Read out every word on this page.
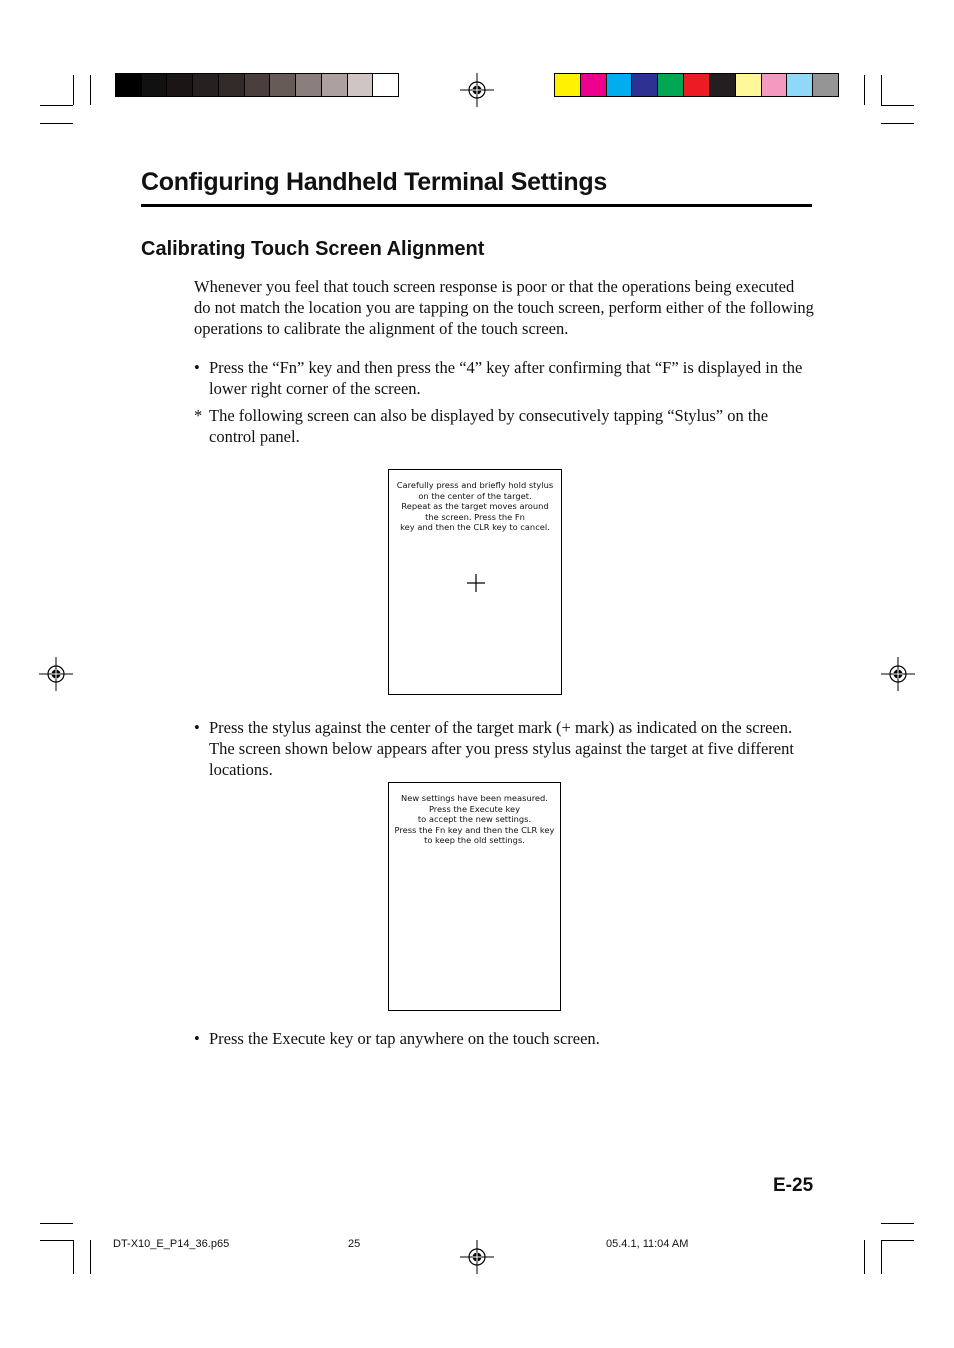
Configuring Handheld Terminal Settings
Calibrating Touch Screen Alignment
Whenever you feel that touch screen response is poor or that the operations being executed do not match the location you are tapping on the touch screen, perform either of the following operations to calibrate the alignment of the touch screen.
• Press the “Fn” key and then press the “4” key after confirming that “F” is displayed in the lower right corner of the screen.
* The following screen can also be displayed by consecutively tapping “Stylus” on the control panel.
Carefully press and briefly hold stylus
on the center of the target.
Repeat as the target moves around
the screen. Press the Fn
key and then the CLR key to cancel.
• Press the stylus against the center of the target mark (+ mark) as indicated on the screen. The screen shown below appears after you press stylus against the target at five different locations.
New settings have been measured.
Press the Execute key
to accept the new settings.
Press the Fn key and then the CLR key
to keep the old settings.
• Press the Execute key or tap anywhere on the touch screen.
E-25
DT-X10_E_P14_36.p65	25	05.4.1, 11:04 AM
